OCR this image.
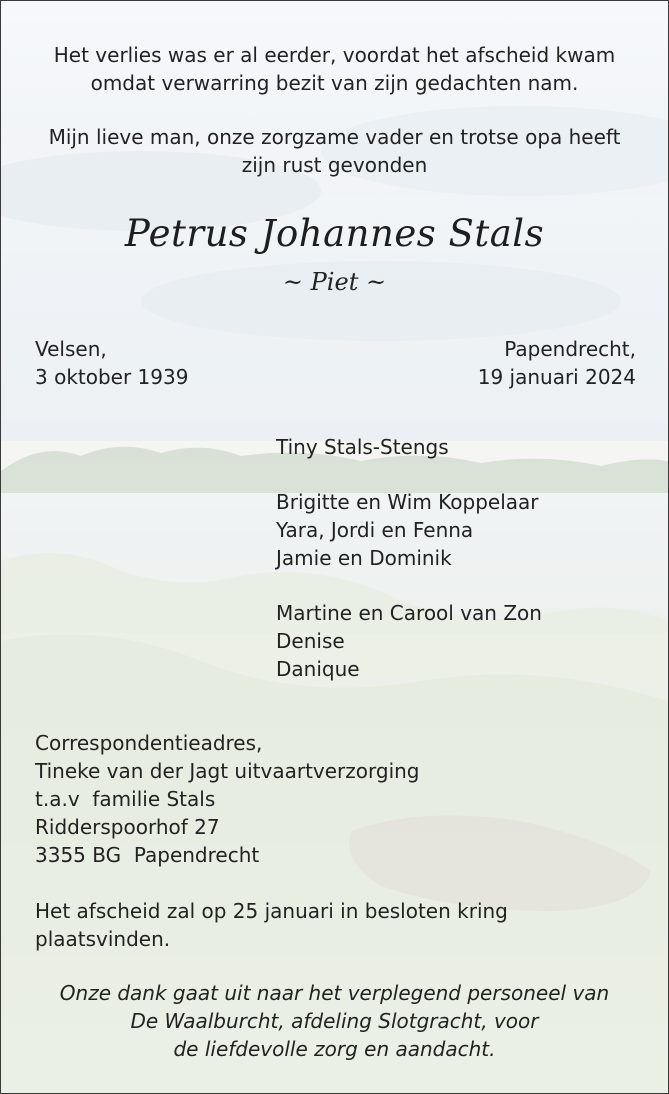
Het verlies was er al eerder, voordat het afscheid kwam
omdat verwarring bezit van zijn gedachten nam.
Mijn lieve man, onze zorgzame vader en trotse opa heeft
zijn rust gevonden
Petrus Johannes Stals
~ Piet ~
Velsen,
3 oktober 1939
Papendrecht,
19 januari 2024
Tiny Stals-Stengs
Brigitte en Wim Koppelaar
Yara, Jordi en Fenna
Jamie en Dominik
Martine en Carool van Zon
Denise
Danique
Correspondentieadres,
Tineke van der Jagt uitvaartverzorging
t.a.v  familie Stals
Ridderspoorhof 27
3355 BG  Papendrecht
Het afscheid zal op 25 januari in besloten kring
plaatsvinden.
Onze dank gaat uit naar het verplegend personeel van
De Waalburcht, afdeling Slotgracht, voor
de liefdevolle zorg en aandacht.
